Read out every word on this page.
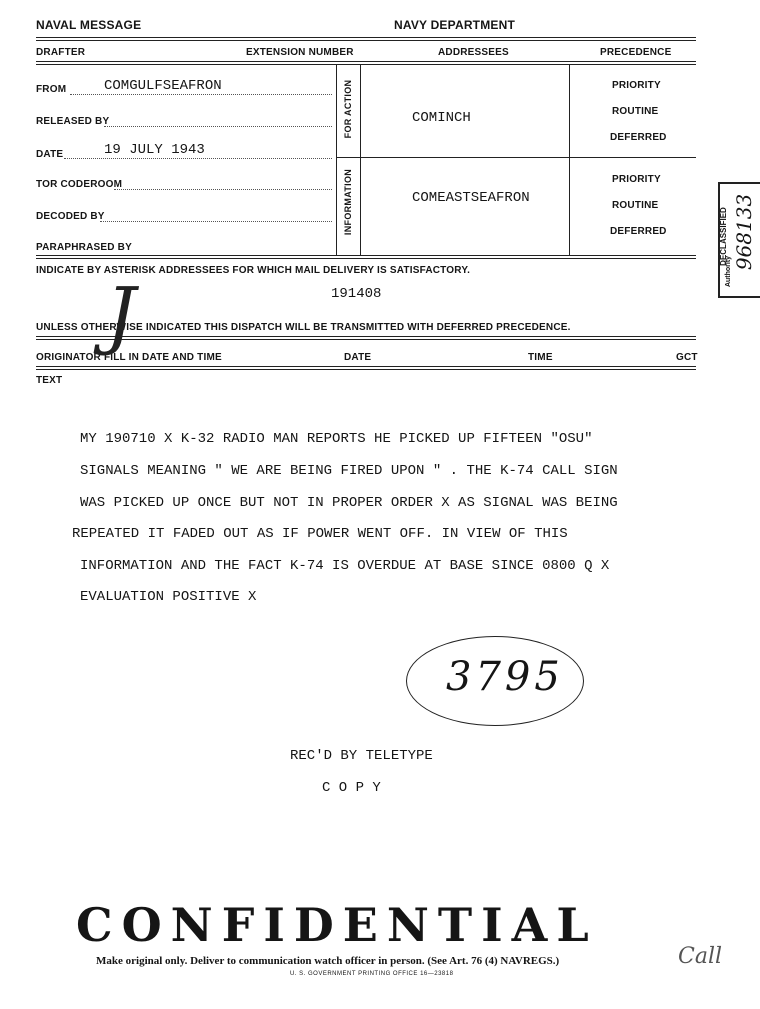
NAVAL MESSAGE	NAVY DEPARTMENT
DRAFTER	EXTENSION NUMBER	ADDRESSEES	PRECEDENCE
FROM	COMGULFSEAFRON
RELEASED BY
DATE	19 JULY 1943
TOR CODEROOM
DECODED BY
PARAPHRASED BY
FOR ACTION	COMINCH
PRIORITY
ROUTINE
DEFERRED
INFORMATION	COMEASTSEAFRON
PRIORITY
ROUTINE
DEFERRED
INDICATE BY ASTERISK ADDRESSEES FOR WHICH MAIL DELIVERY IS SATISFACTORY.
191408
UNLESS OTHERWISE INDICATED THIS DISPATCH WILL BE TRANSMITTED WITH DEFERRED PRECEDENCE.
ORIGINATOR FILL IN DATE AND TIME	DATE	TIME	GCT
TEXT
J
MY 190710 X K-32 RADIO MAN REPORTS HE PICKED UP FIFTEEN "OSU"
SIGNALS MEANING " WE ARE BEING FIRED UPON " . THE K-74 CALL SIGN
WAS PICKED UP ONCE BUT NOT IN PROPER ORDER X AS SIGNAL WAS BEING
REPEATED IT FADED OUT AS IF POWER WENT OFF. IN VIEW OF THIS
INFORMATION AND THE FACT K-74 IS OVERDUE AT BASE SINCE 0800 Q X
EVALUATION POSITIVE X
3795
REC'D BY TELETYPE
C O P Y
CONFIDENTIAL
Make original only. Deliver to communication watch officer in person. (See Art. 76 (4) NAVREGS.)
U. S. GOVERNMENT PRINTING OFFICE 16—23818
Call
DECLASSIFIED
Authority
968133
